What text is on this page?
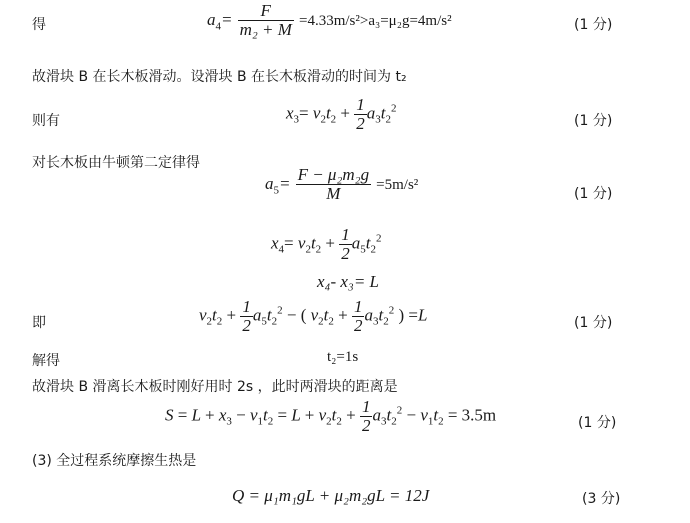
得	$a_4= \frac{F}{\text{m₂ + M}} =4.33m/s^2>a_3=\mu_2g=4m/s^2$	(1 分)
故滑块 B 在长木板滑动。设滑块 B 在长木板滑动的时间为 t₂
则有	$x_3= v_2t_2 + \frac{1}{2} a_3t_2^2$
(1 分)
对长木板由牛顿第二定律得
$a_5= \frac{\text{F − μ₂m₂g}}{M} =5m/s^2$
(1 分)
$x_4= v_2t_2 + \frac{1}{2} a_5t_2^2$
x₄- x₃= L
即	$v_2t_2 + \frac{1}{2} a_5t_2^2$ − ( $v_2t_2 + \frac{1}{2} a_3t_2^2$ ) =L	(1 分)
解得	t₂=1s
故滑块 B 滑离长木板时刚好用时 2s ，此时两滑块的距离是
$S = L + x_3 - v_1t_2 = L + v_2t_2 + \frac{1}{2} a_3t_2^2 - v_1t_2 = 3.5m$	(1 分)
(3) 全过程系统摩擦生热是
Q = μ₁m₁gL + μ₂m₂gL = 12J	(3 分)
